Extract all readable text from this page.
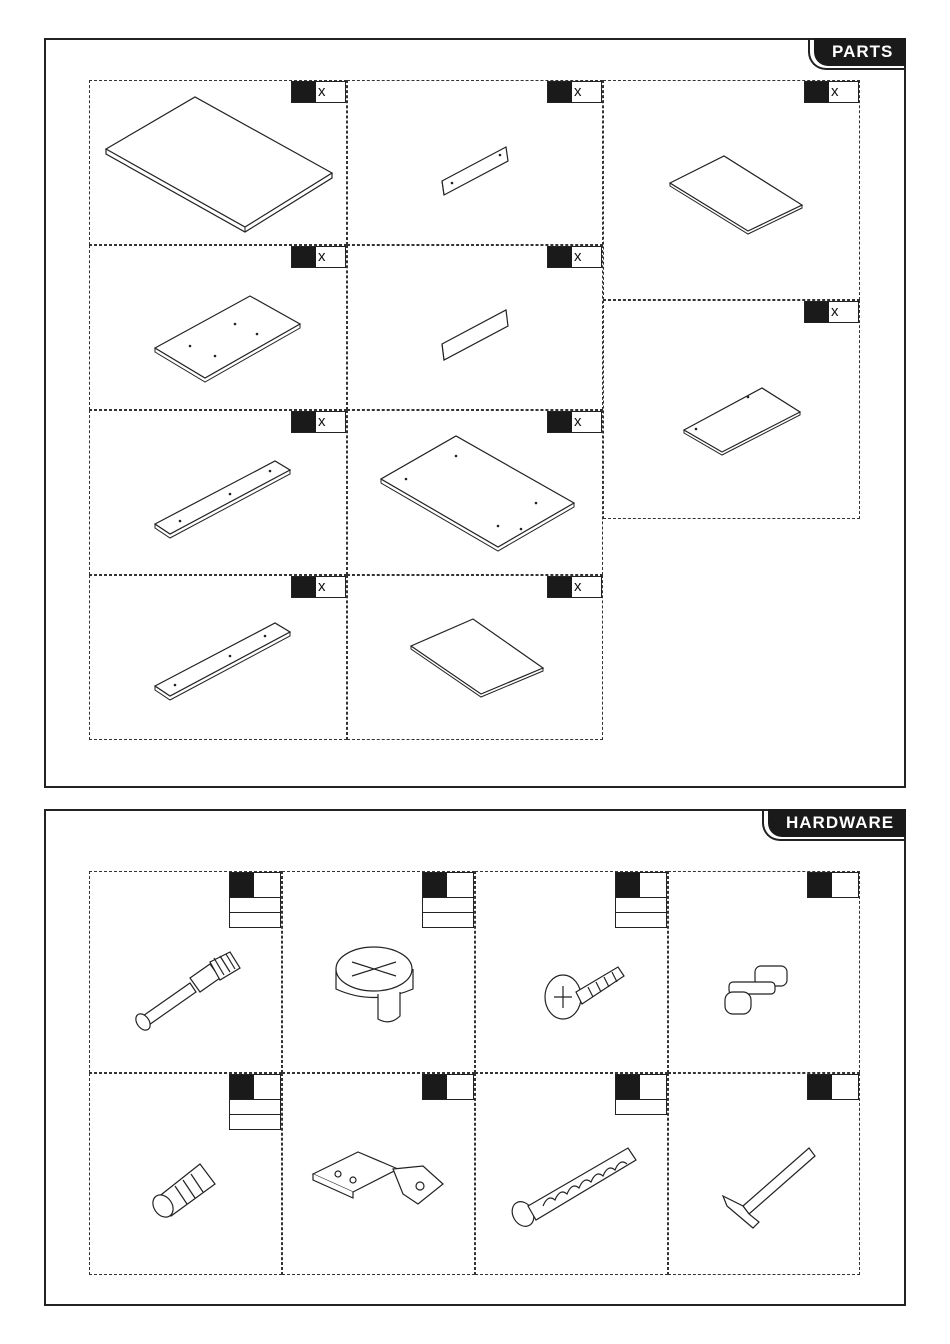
PARTS
HARDWARE
x
x
x
x
x
x
x
x
x
x
